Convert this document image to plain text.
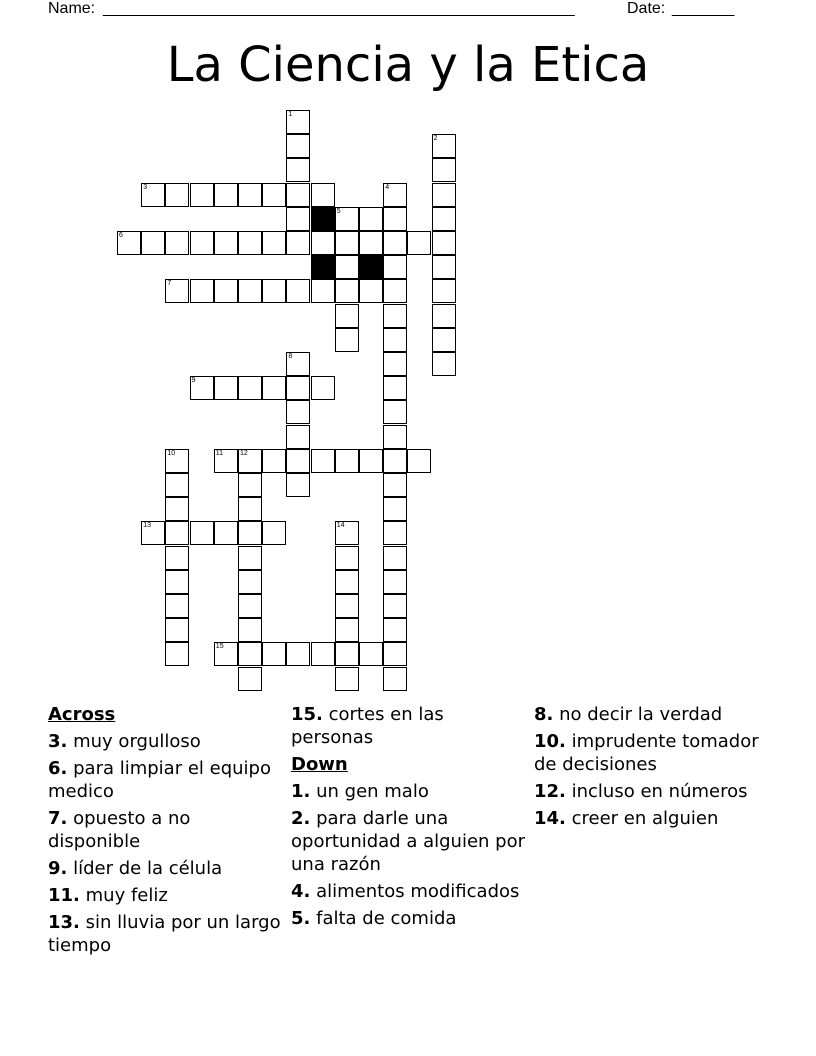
Name: _____________________________________________________	Date: _______
La Ciencia y la Etica
1
2
3	4
5
6
7
8
9
10	11 12
13	14
15
Across
3. muy orgulloso
6. para limpiar el equipo medico
7. opuesto a no disponible
9. líder de la célula
11. muy feliz
13. sin lluvia por un largo tiempo
15. cortes en las personas
Down
1. un gen malo
2. para darle una oportunidad a alguien por una razón
4. alimentos modificados
5. falta de comida
8. no decir la verdad
10. imprudente tomador de decisiones
12. incluso en números
14. creer en alguien
